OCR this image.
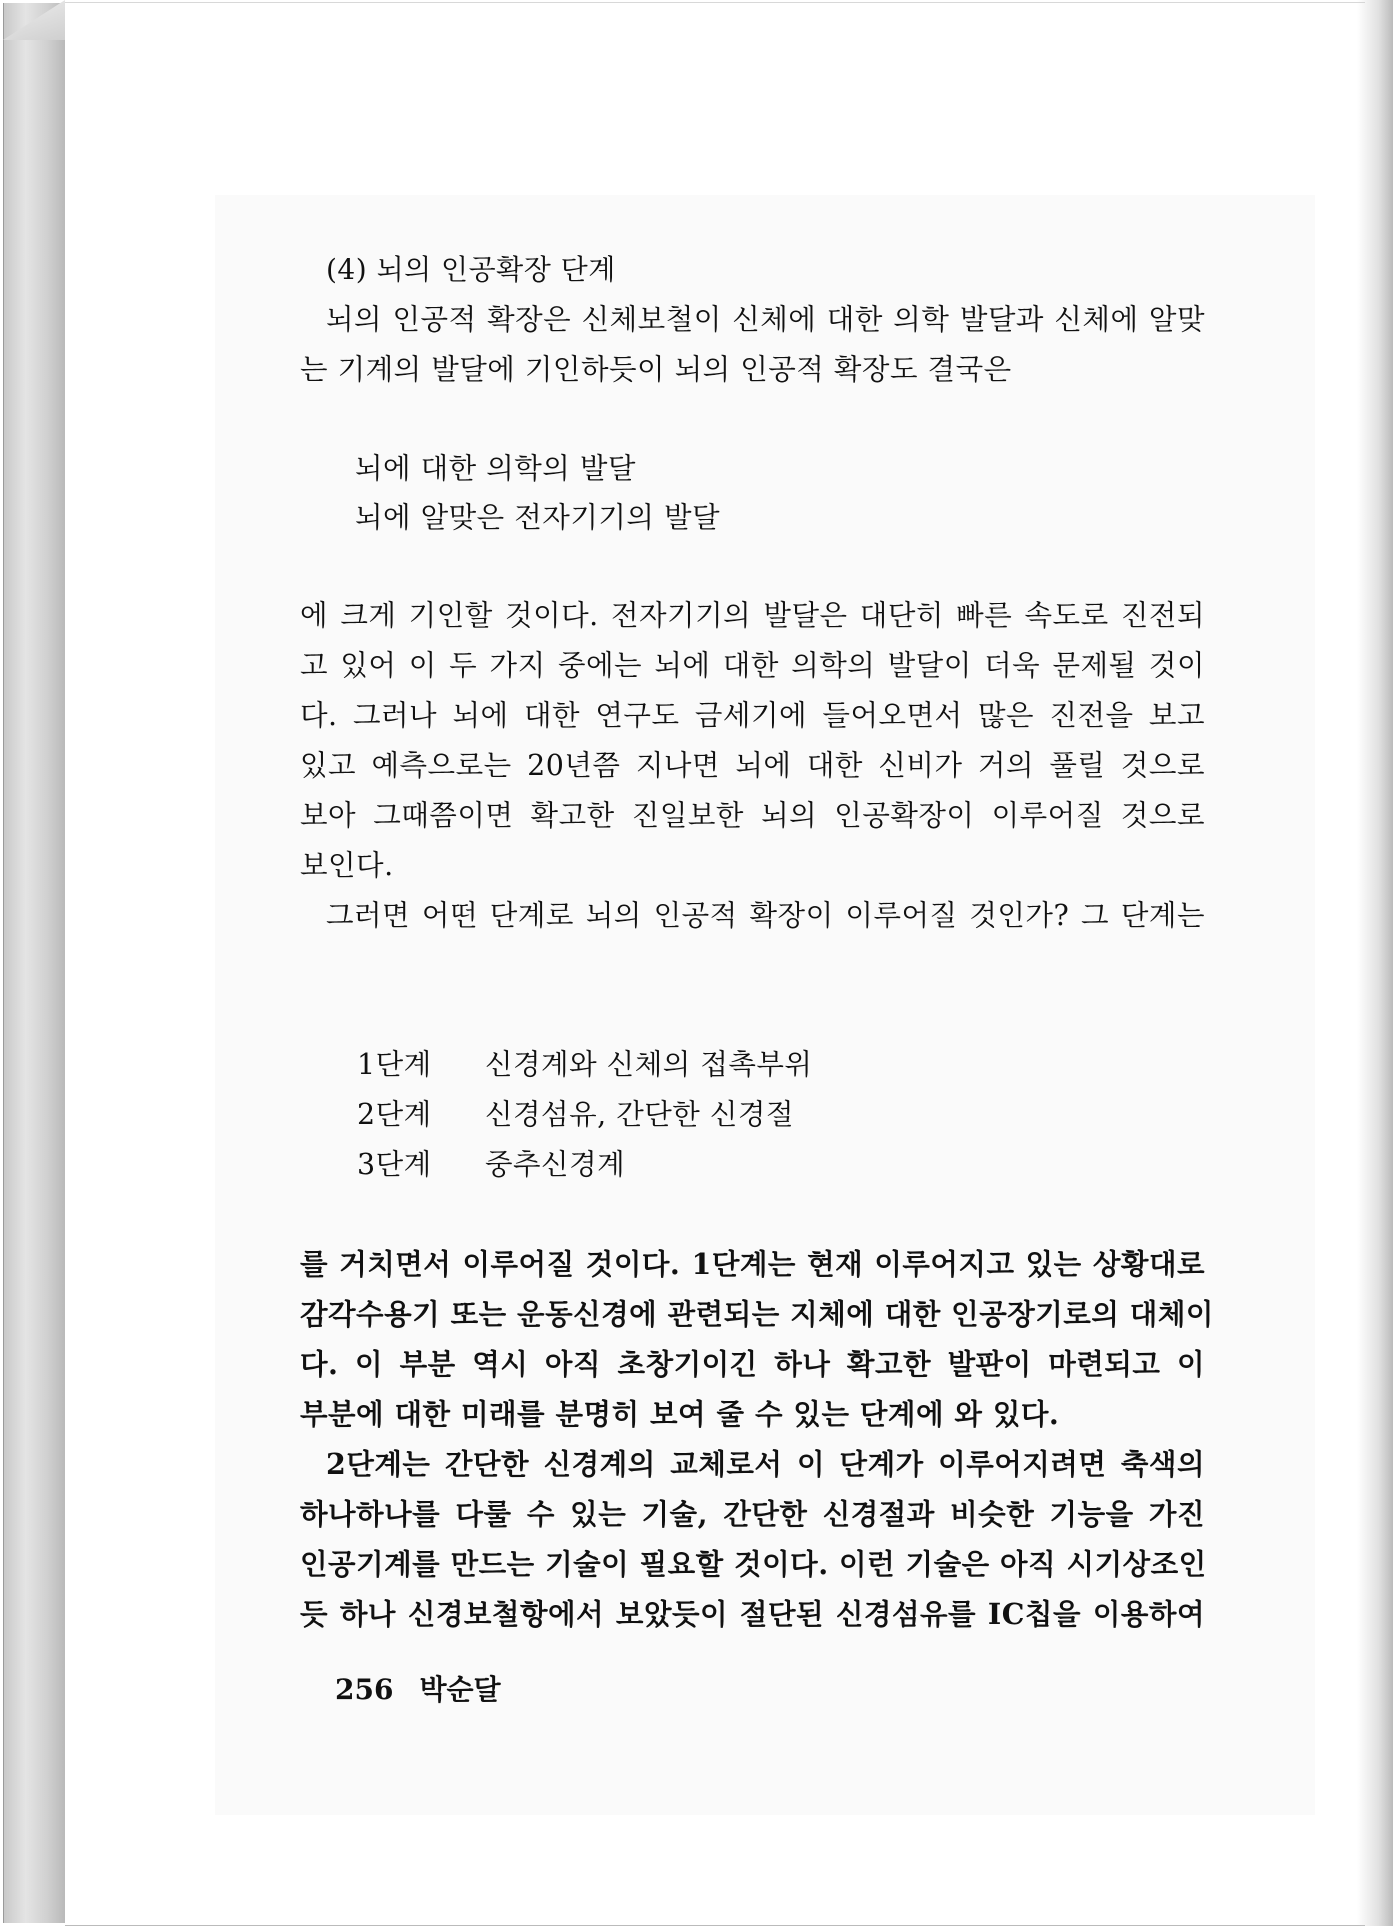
(4) 뇌의 인공확장 단계
뇌의 인공적 확장은 신체보철이 신체에 대한 의학 발달과 신체에 알맞
는 기계의 발달에 기인하듯이 뇌의 인공적 확장도 결국은
뇌에 대한 의학의 발달
뇌에 알맞은 전자기기의 발달
에 크게 기인할 것이다. 전자기기의 발달은 대단히 빠른 속도로 진전되
고 있어 이 두 가지 중에는 뇌에 대한 의학의 발달이 더욱 문제될 것이
다. 그러나 뇌에 대한 연구도 금세기에 들어오면서 많은 진전을 보고
있고 예측으로는 20년쯤 지나면 뇌에 대한 신비가 거의 풀릴 것으로
보아 그때쯤이면 확고한 진일보한 뇌의 인공확장이 이루어질 것으로
보인다.
그러면 어떤 단계로 뇌의 인공적 확장이 이루어질 것인가? 그 단계는
1단계 신경계와 신체의 접촉부위
2단계 신경섬유, 간단한 신경절
3단계 중추신경계
를 거치면서 이루어질 것이다. 1단계는 현재 이루어지고 있는 상황대로
감각수용기 또는 운동신경에 관련되는 지체에 대한 인공장기로의 대체이
다. 이 부분 역시 아직 초창기이긴 하나 확고한 발판이 마련되고 이
부분에 대한 미래를 분명히 보여 줄 수 있는 단계에 와 있다.
2단계는 간단한 신경계의 교체로서 이 단계가 이루어지려면 축색의
하나하나를 다룰 수 있는 기술, 간단한 신경절과 비슷한 기능을 가진
인공기계를 만드는 기술이 필요할 것이다. 이런 기술은 아직 시기상조인
듯 하나 신경보철항에서 보았듯이 절단된 신경섬유를 IC칩을 이용하여
256 박순달
